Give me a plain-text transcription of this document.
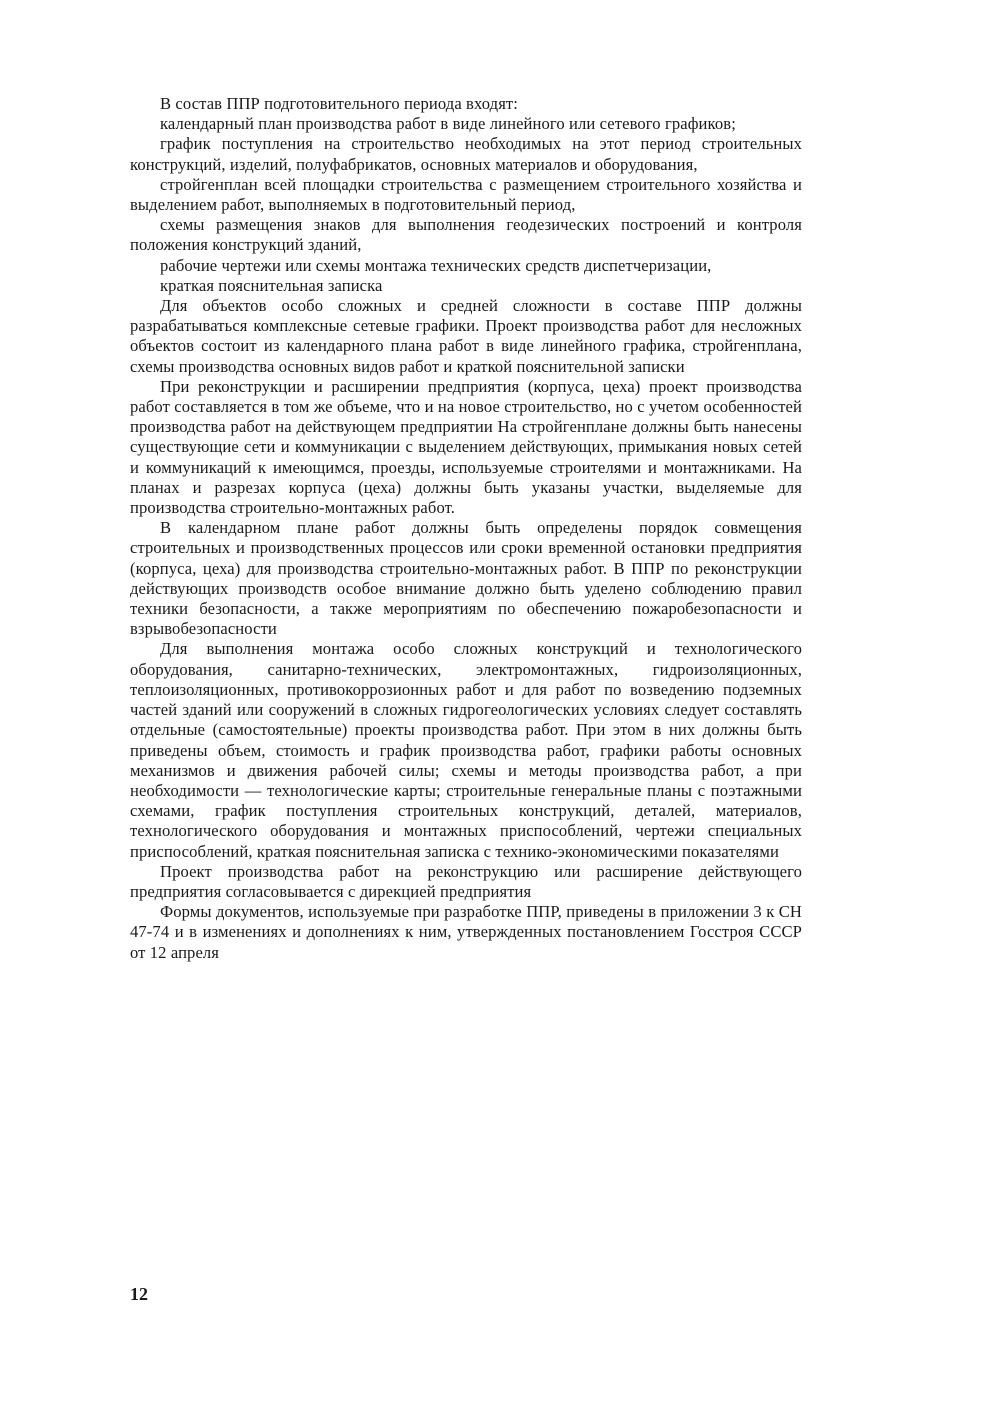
В состав ППР подготовительного периода входят:

календарный план производства работ в виде линейного или сетевого графиков;

график поступления на строительство необходимых на этот период строительных конструкций, изделий, полуфабрикатов, основных материалов и оборудования,

стройгенплан всей площадки строительства с размещением строительного хозяйства и выделением работ, выполняемых в подготовительный период,

схемы размещения знаков для выполнения геодезических построений и контроля положения конструкций зданий,

рабочие чертежи или схемы монтажа технических средств диспетчеризации,

краткая пояснительная записка

Для объектов особо сложных и средней сложности в составе ППР должны разрабатываться комплексные сетевые графики. Проект производства работ для несложных объектов состоит из календарного плана работ в виде линейного графика, стройгенплана, схемы производства основных видов работ и краткой пояснительной записки

При реконструкции и расширении предприятия (корпуса, цеха) проект производства работ составляется в том же объеме, что и на новое строительство, но с учетом особенностей производства работ на действующем предприятии На стройгенплане должны быть нанесены существующие сети и коммуникации с выделением действующих, примыкания новых сетей и коммуникаций к имеющимся, проезды, используемые строителями и монтажниками. На планах и разрезах корпуса (цеха) должны быть указаны участки, выделяемые для производства строительно-монтажных работ.

В календарном плане работ должны быть определены порядок совмещения строительных и производственных процессов или сроки временной остановки предприятия (корпуса, цеха) для производства строительно-монтажных работ. В ППР по реконструкции действующих производств особое внимание должно быть уделено соблюдению правил техники безопасности, а также мероприятиям по обеспечению пожаробезопасности и взрывобезопасности

Для выполнения монтажа особо сложных конструкций и технологического оборудования, санитарно-технических, электромонтажных, гидроизоляционных, теплоизоляционных, противокоррозионных работ и для работ по возведению подземных частей зданий или сооружений в сложных гидрогеологических условиях следует составлять отдельные (самостоятельные) проекты производства работ. При этом в них должны быть приведены объем, стоимость и график производства работ, графики работы основных механизмов и движения рабочей силы; схемы и методы производства работ, а при необходимости — технологические карты; строительные генеральные планы с поэтажными схемами, график поступления строительных конструкций, деталей, материалов, технологического оборудования и монтажных приспособлений, чертежи специальных приспособлений, краткая пояснительная записка с технико-экономическими показателями

Проект производства работ на реконструкцию или расширение действующего предприятия согласовывается с дирекцией предприятия

Формы документов, используемые при разработке ППР, приведены в приложении 3 к СН 47-74 и в изменениях и дополнениях к ним, утвержденных постановлением Госстроя СССР от 12 апреля

12
